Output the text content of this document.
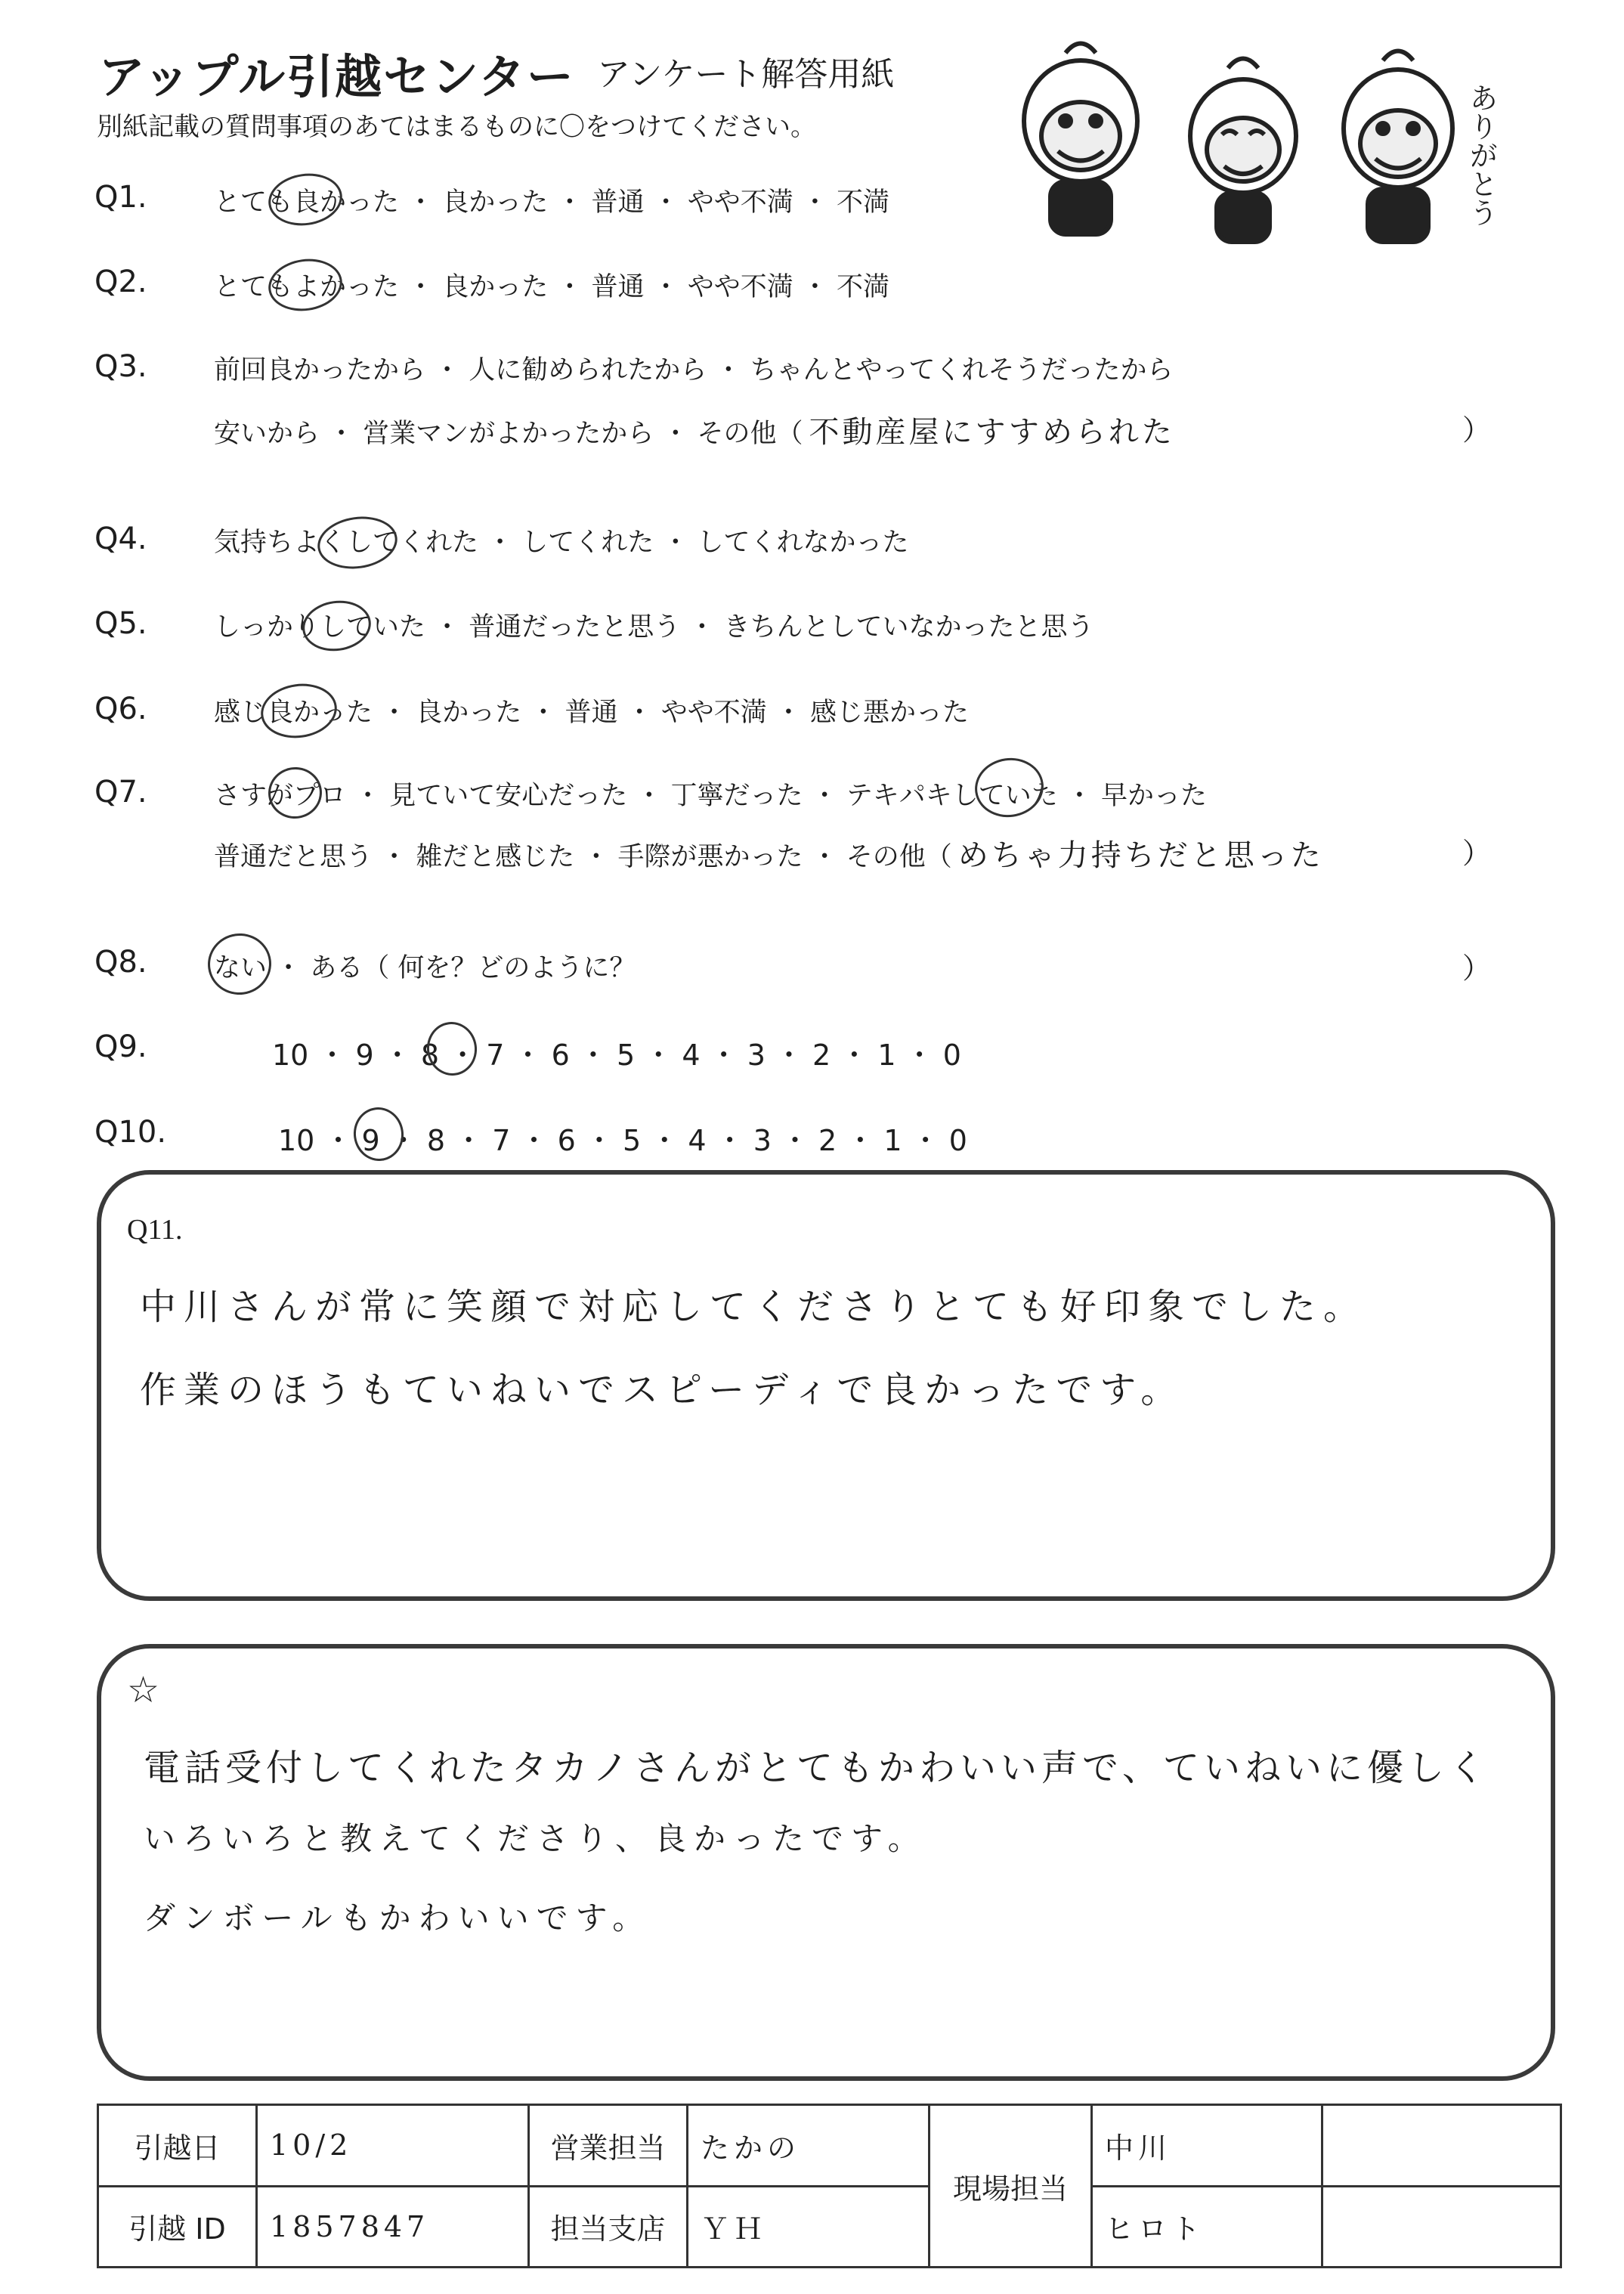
アップル引越センター アンケート解答用紙
別紙記載の質問事項のあてはまるものに〇をつけてください。	ありがとう
Q1.	とても良かった ・ 良かった ・ 普通 ・ やや不満 ・ 不満
Q2.	とてもよかった ・ 良かった ・ 普通 ・ やや不満 ・ 不満
Q3.	前回良かったから ・ 人に勧められたから ・ ちゃんとやってくれそうだったから
安いから ・ 営業マンがよかったから ・ その他（ 不動産屋にすすめられた	）
Q4.	気持ちよくしてくれた ・ してくれた ・ してくれなかった
Q5.	しっかりしていた ・ 普通だったと思う ・ きちんとしていなかったと思う
Q6.	感じ良かった ・ 良かった ・ 普通 ・ やや不満 ・ 感じ悪かった
Q7.	さすがプロ ・ 見ていて安心だった ・ 丁寧だった ・ テキパキしていた ・ 早かった
普通だと思う ・ 雑だと感じた ・ 手際が悪かった ・ その他（ めちゃ力持ちだと思った	）
Q8.	ない ・ ある（ 何を？どのように？	）
Q9.	10 ・ 9 ・ 8 ・ 7 ・ 6 ・ 5 ・ 4 ・ 3 ・ 2 ・ 1 ・ 0
Q10.	10 ・ 9 ・ 8 ・ 7 ・ 6 ・ 5 ・ 4 ・ 3 ・ 2 ・ 1 ・ 0
Q11.
中川さんが常に笑顔で対応してくださりとても好印象でした。
作業のほうもていねいでスピーディで良かったです。
☆
電話受付してくれたタカノさんがとてもかわいい声で、ていねいに優しく
いろいろと教えてくださり、良かったです。
ダンボールもかわいいです。
引越日	10/2	営業担当	たかの	現場担当	中川	
引越 ID	1857847	担当支店	ＹＨ		ヒロト	
